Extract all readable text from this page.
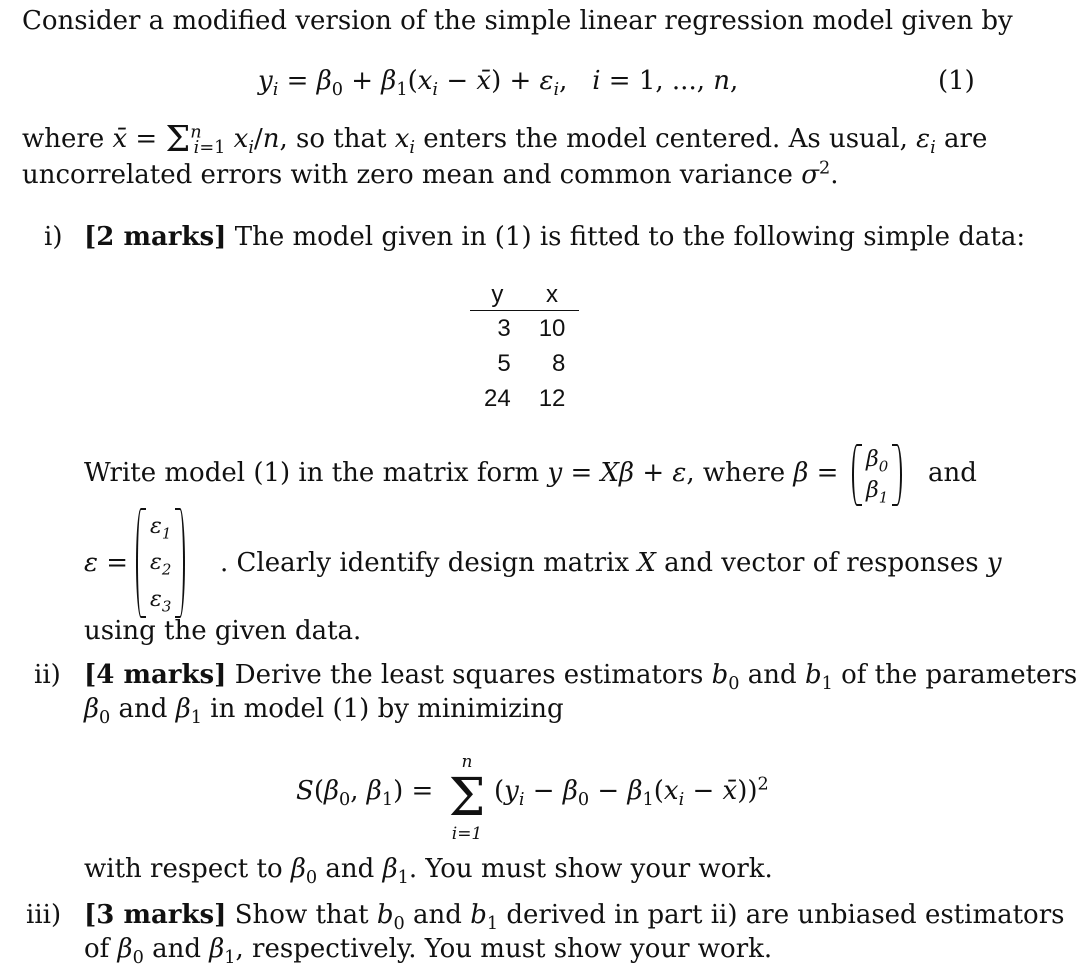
Consider a modified version of the simple linear regression model given by
$y_i = \beta_0 + \beta_1(x_i$ − x̄) + $\varepsilon_i$,   i = 1, ..., n,	(1)
where x̄ = $\Sigma^n_{i=1}$ $x_i/n$, so that $x_i$ enters the model centered. As usual, $\varepsilon_i$ are
uncorrelated errors with zero mean and common variance $\sigma^2$.
i) [2 marks] The model given in (1) is fitted to the following simple data:
y	x
3	10
5	8
24	12
Write model (1) in the matrix form y = Xβ + ε, where $\beta = \beta_0$
$\beta_1$
and
ε =
$\varepsilon_1$
$\varepsilon_2$
$\varepsilon_3$
. Clearly identify design matrix X and vector of responses y
using the given data.
ii) [4 marks] Derive the least squares estimators $b_0$ and $b_1$ of the parameters
$\beta_0$ and $\beta_1$ in model (1) by minimizing
$S(\beta_0$, $\beta_1$) =
n
Σ
i=1
($y_i - \beta_0 - \beta_1(x_i$ − x̄))$^2$
with respect to $\beta_0$ and $\beta_1$. You must show your work.
iii) [3 marks] Show that $b_0$ and $b_1$ derived in part ii) are unbiased estimators
of $\beta_0$ and $\beta_1$, respectively. You must show your work.
